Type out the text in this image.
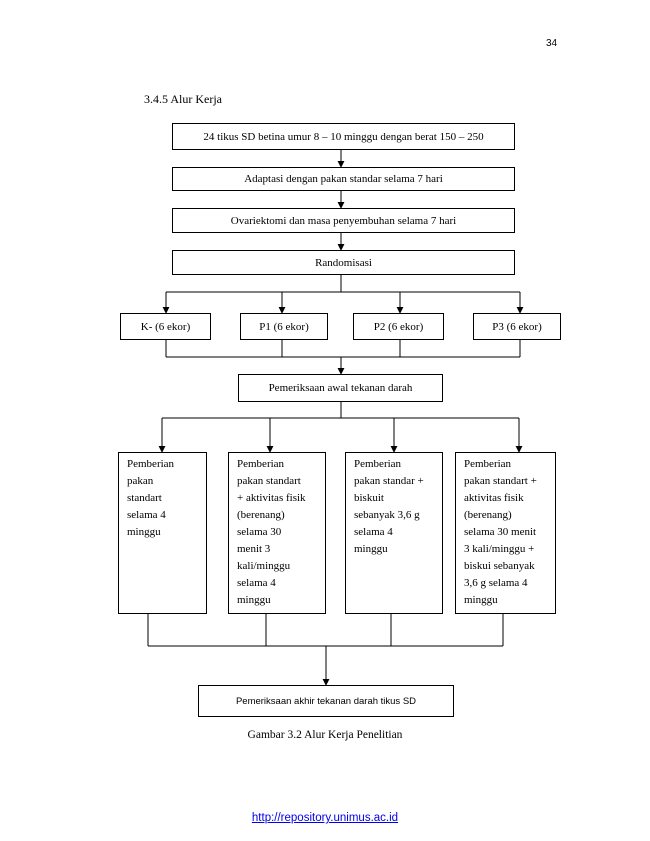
34
3.4.5 Alur Kerja
24 tikus SD betina umur 8 – 10 minggu dengan berat 150 – 250
Adaptasi dengan pakan standar selama 7 hari
Ovariektomi dan masa penyembuhan selama 7 hari
Randomisasi
K- (6 ekor)	P1 (6 ekor)	P2 (6 ekor)	P3 (6 ekor)
Pemeriksaan awal tekanan darah
Pemberian
pakan
standart
selama 4
minggu
Pemberian
pakan standart
+ aktivitas fisik
(berenang)
selama 30
menit 3
kali/minggu
selama 4
minggu
Pemberian
pakan standar +
biskuit
sebanyak 3,6 g
selama 4
minggu
Pemberian
pakan standart +
aktivitas fisik
(berenang)
selama 30 menit
3 kali/minggu +
biskui sebanyak
3,6 g selama 4
minggu
Pemeriksaan akhir tekanan darah tikus SD
Gambar 3.2 Alur Kerja Penelitian
http://repository.unimus.ac.id
